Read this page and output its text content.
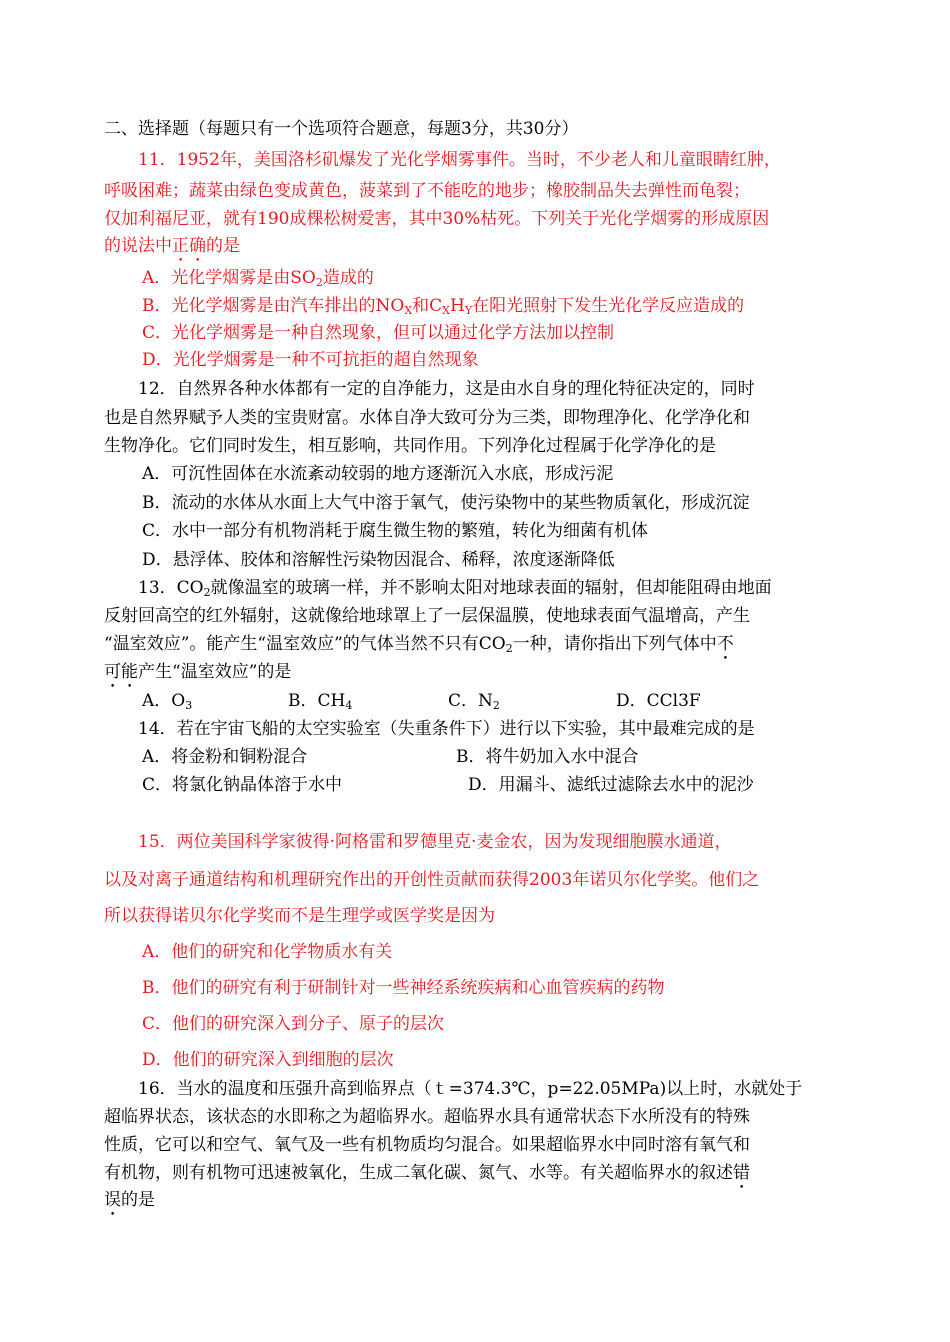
二、选择题（每题只有一个选项符合题意，每题3分，共30分）
11．1952年，美国洛杉矶爆发了光化学烟雾事件。当时，不少老人和儿童眼睛红肿，
呼吸困难；蔬菜由绿色变成黄色，菠菜到了不能吃的地步；橡胶制品失去弹性而龟裂；
仅加利福尼亚，就有190成棵松树爱害，其中30%枯死。下列关于光化学烟雾的形成原因
的说法中正确的是
A．光化学烟雾是由$SO_2$造成的
B．光化学烟雾是由汽车排出的$NO_X$和$C_XH_Y$在阳光照射下发生光化学反应造成的
C．光化学烟雾是一种自然现象，但可以通过化学方法加以控制
D．光化学烟雾是一种不可抗拒的超自然现象
12．自然界各种水体都有一定的自净能力，这是由水自身的理化特征决定的，同时
也是自然界赋予人类的宝贵财富。水体自净大致可分为三类，即物理净化、化学净化和
生物净化。它们同时发生，相互影响，共同作用。下列净化过程属于化学净化的是
A．可沉性固体在水流紊动较弱的地方逐渐沉入水底，形成污泥
B．流动的水体从水面上大气中溶于氧气，使污染物中的某些物质氧化，形成沉淀
C．水中一部分有机物消耗于腐生微生物的繁殖，转化为细菌有机体
D．悬浮体、胶体和溶解性污染物因混合、稀释，浓度逐渐降低
13．$CO_2$就像温室的玻璃一样，并不影响太阳对地球表面的辐射，但却能阻碍由地面
反射回高空的红外辐射，这就像给地球罩上了一层保温膜，使地球表面气温增高，产生
“温室效应”。能产生“温室效应”的气体当然不只有$CO_2$一种，请你指出下列气体中不
可能产生“温室效应”的是
A．$O_3$	B．$CH_4$	C．$N_2$	D．CCl3F
14．若在宇宙飞船的太空实验室（失重条件下）进行以下实验，其中最难完成的是
A．将金粉和铜粉混合	B．将牛奶加入水中混合
C．将氯化钠晶体溶于水中	D．用漏斗、滤纸过滤除去水中的泥沙
15．两位美国科学家彼得·阿格雷和罗德里克·麦金农，因为发现细胞膜水通道，
以及对离子通道结构和机理研究作出的开创性贡献而获得2003年诺贝尔化学奖。他们之
所以获得诺贝尔化学奖而不是生理学或医学奖是因为
A．他们的研究和化学物质水有关
B．他们的研究有利于研制针对一些神经系统疾病和心血管疾病的药物
C．他们的研究深入到分子、原子的层次
D．他们的研究深入到细胞的层次
16．当水的温度和压强升高到临界点（ｔ=374.3℃，p=22.05MPa)以上时，水就处于
超临界状态，该状态的水即称之为超临界水。超临界水具有通常状态下水所没有的特殊
性质，它可以和空气、氧气及一些有机物质均匀混合。如果超临界水中同时溶有氧气和
有机物，则有机物可迅速被氧化，生成二氧化碳、氮气、水等。有关超临界水的叙述错
误的是
